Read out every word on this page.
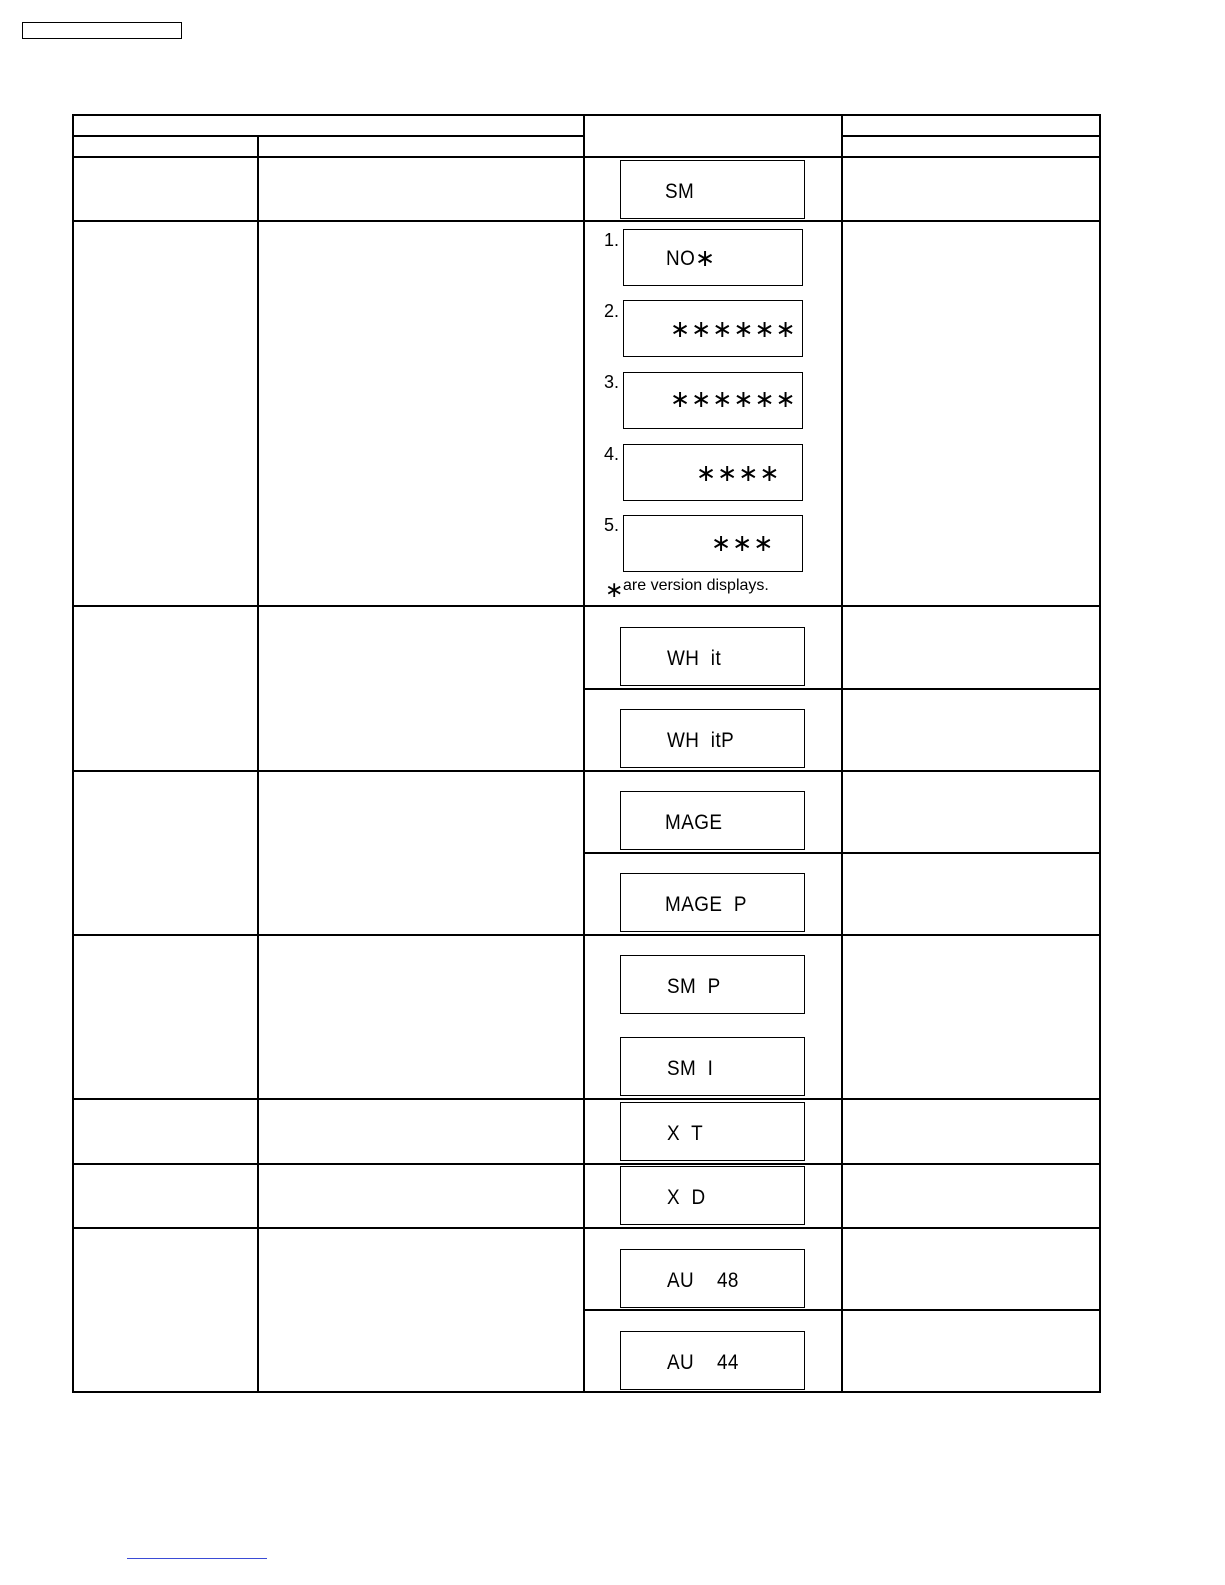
SM
1.
NO ∗
2.
∗∗∗∗∗∗
3.
∗∗∗∗∗∗
4.
∗∗∗∗
5.
∗∗∗
∗ are version displays.
WH  it
WH  itP
MAGE
MAGE  P
SM  P
SM  I
X  T
X  D
AU    48
AU    44
